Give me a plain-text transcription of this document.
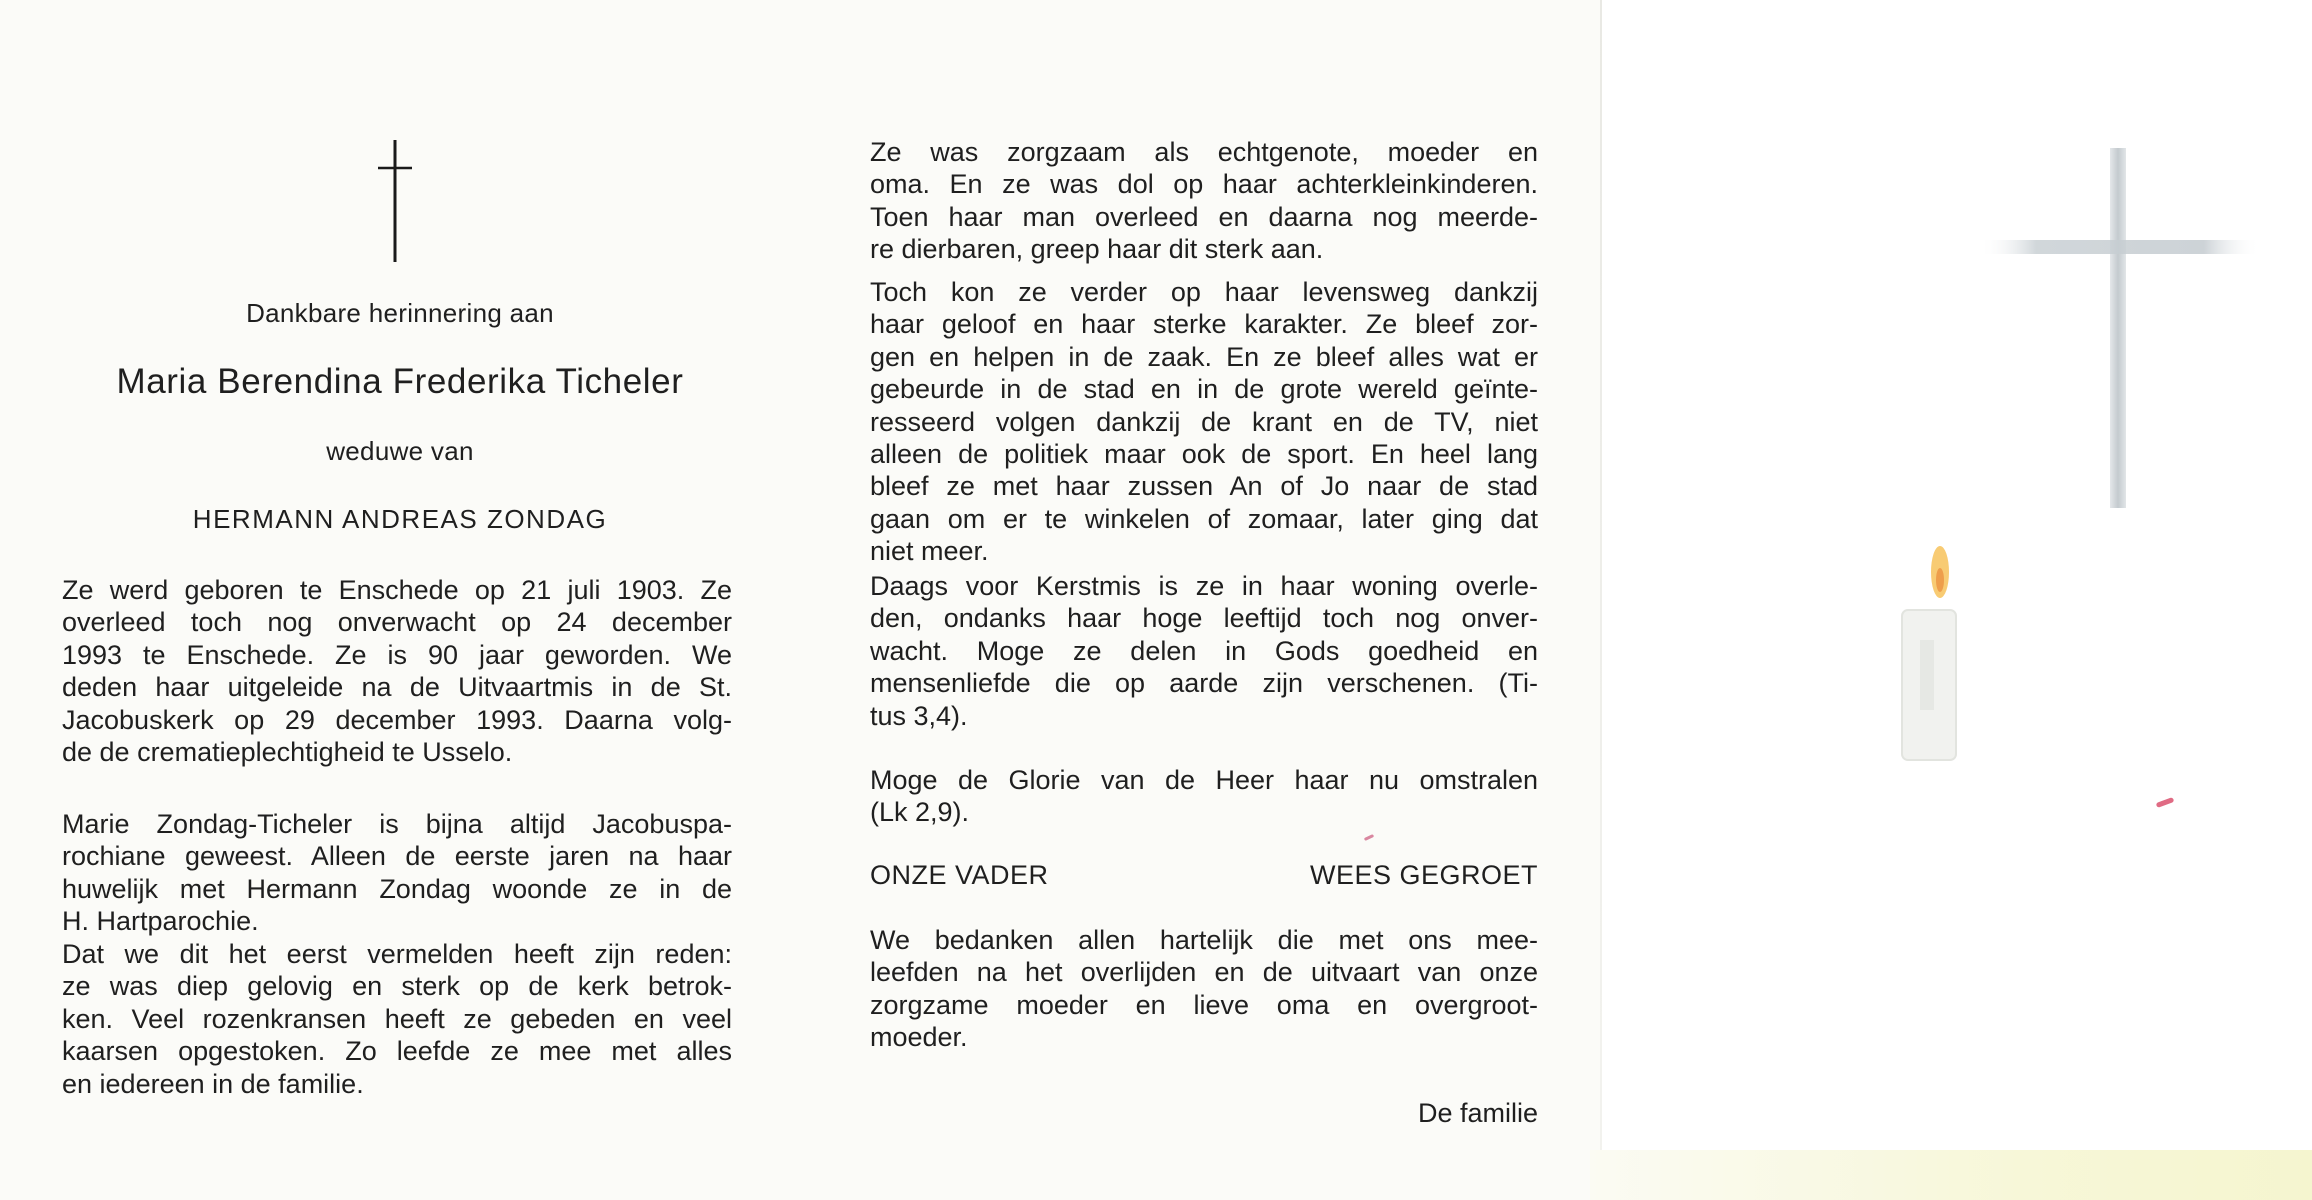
Dankbare herinnering aan
Maria Berendina Frederika Ticheler
weduwe van
HERMANN ANDREAS ZONDAG
Ze werd geboren te Enschede op 21 juli 1903. Ze
overleed toch nog onverwacht op 24 december
1993 te Enschede. Ze is 90 jaar geworden. We
deden haar uitgeleide na de Uitvaartmis in de St.
Jacobuskerk op 29 december 1993. Daarna volg-
de de crematieplechtigheid te Usselo.
Marie Zondag-Ticheler is bijna altijd Jacobuspa-
rochiane geweest. Alleen de eerste jaren na haar
huwelijk met Hermann Zondag woonde ze in de
H. Hartparochie.
Dat we dit het eerst vermelden heeft zijn reden:
ze was diep gelovig en sterk op de kerk betrok-
ken. Veel rozenkransen heeft ze gebeden en veel
kaarsen opgestoken. Zo leefde ze mee met alles
en iedereen in de familie.
Ze was zorgzaam als echtgenote, moeder en
oma. En ze was dol op haar achterkleinkinderen.
Toen haar man overleed en daarna nog meerde-
re dierbaren, greep haar dit sterk aan.
Toch kon ze verder op haar levensweg dankzij
haar geloof en haar sterke karakter. Ze bleef zor-
gen en helpen in de zaak. En ze bleef alles wat er
gebeurde in de stad en in de grote wereld geïnte-
resseerd volgen dankzij de krant en de TV, niet
alleen de politiek maar ook de sport. En heel lang
bleef ze met haar zussen An of Jo naar de stad
gaan om er te winkelen of zomaar, later ging dat
niet meer.
Daags voor Kerstmis is ze in haar woning overle-
den, ondanks haar hoge leeftijd toch nog onver-
wacht. Moge ze delen in Gods goedheid en
mensenliefde die op aarde zijn verschenen. (Ti-
tus 3,4).
Moge de Glorie van de Heer haar nu omstralen
(Lk 2,9).
ONZE VADER	WEES GEGROET
We bedanken allen hartelijk die met ons mee-
leefden na het overlijden en de uitvaart van onze
zorgzame moeder en lieve oma en overgroot-
moeder.
De familie
